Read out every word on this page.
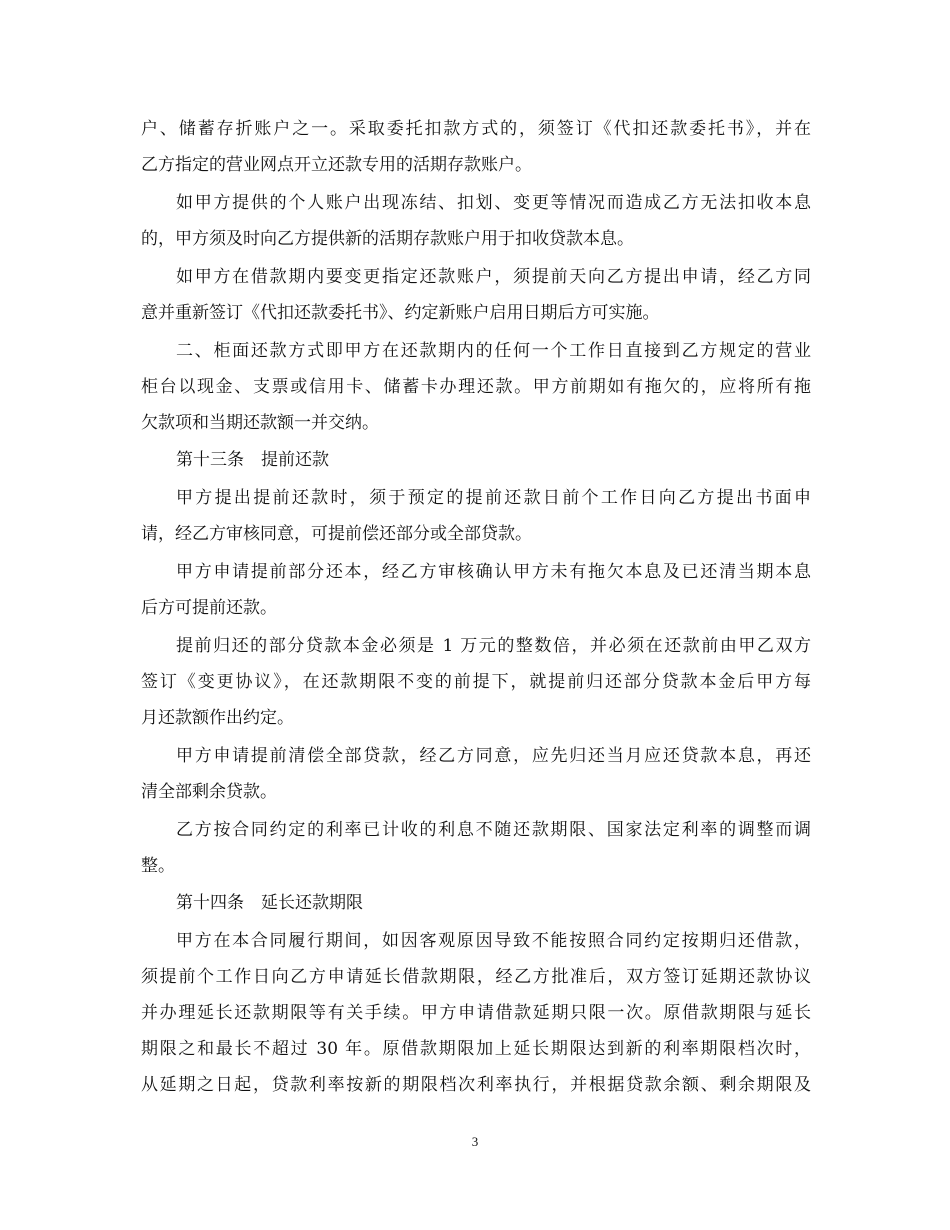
户、储蓄存折账户之一。采取委托扣款方式的，须签订《代扣还款委托书》，并在
乙方指定的营业网点开立还款专用的活期存款账户。
如甲方提供的个人账户出现冻结、扣划、变更等情况而造成乙方无法扣收本息
的，甲方须及时向乙方提供新的活期存款账户用于扣收贷款本息。
如甲方在借款期内要变更指定还款账户，须提前天向乙方提出申请，经乙方同
意并重新签订《代扣还款委托书》、约定新账户启用日期后方可实施。
二、柜面还款方式即甲方在还款期内的任何一个工作日直接到乙方规定的营业
柜台以现金、支票或信用卡、储蓄卡办理还款。甲方前期如有拖欠的，应将所有拖
欠款项和当期还款额一并交纳。
第十三条　提前还款
甲方提出提前还款时，须于预定的提前还款日前个工作日向乙方提出书面申
请，经乙方审核同意，可提前偿还部分或全部贷款。
甲方申请提前部分还本，经乙方审核确认甲方未有拖欠本息及已还清当期本息
后方可提前还款。
提前归还的部分贷款本金必须是 1 万元的整数倍，并必须在还款前由甲乙双方
签订《变更协议》，在还款期限不变的前提下，就提前归还部分贷款本金后甲方每
月还款额作出约定。
甲方申请提前清偿全部贷款，经乙方同意，应先归还当月应还贷款本息，再还
清全部剩余贷款。
乙方按合同约定的利率已计收的利息不随还款期限、国家法定利率的调整而调
整。
第十四条　延长还款期限
甲方在本合同履行期间，如因客观原因导致不能按照合同约定按期归还借款，
须提前个工作日向乙方申请延长借款期限，经乙方批准后，双方签订延期还款协议
并办理延长还款期限等有关手续。甲方申请借款延期只限一次。原借款期限与延长
期限之和最长不超过 30 年。原借款期限加上延长期限达到新的利率期限档次时，
从延期之日起，贷款利率按新的期限档次利率执行，并根据贷款余额、剩余期限及
3
